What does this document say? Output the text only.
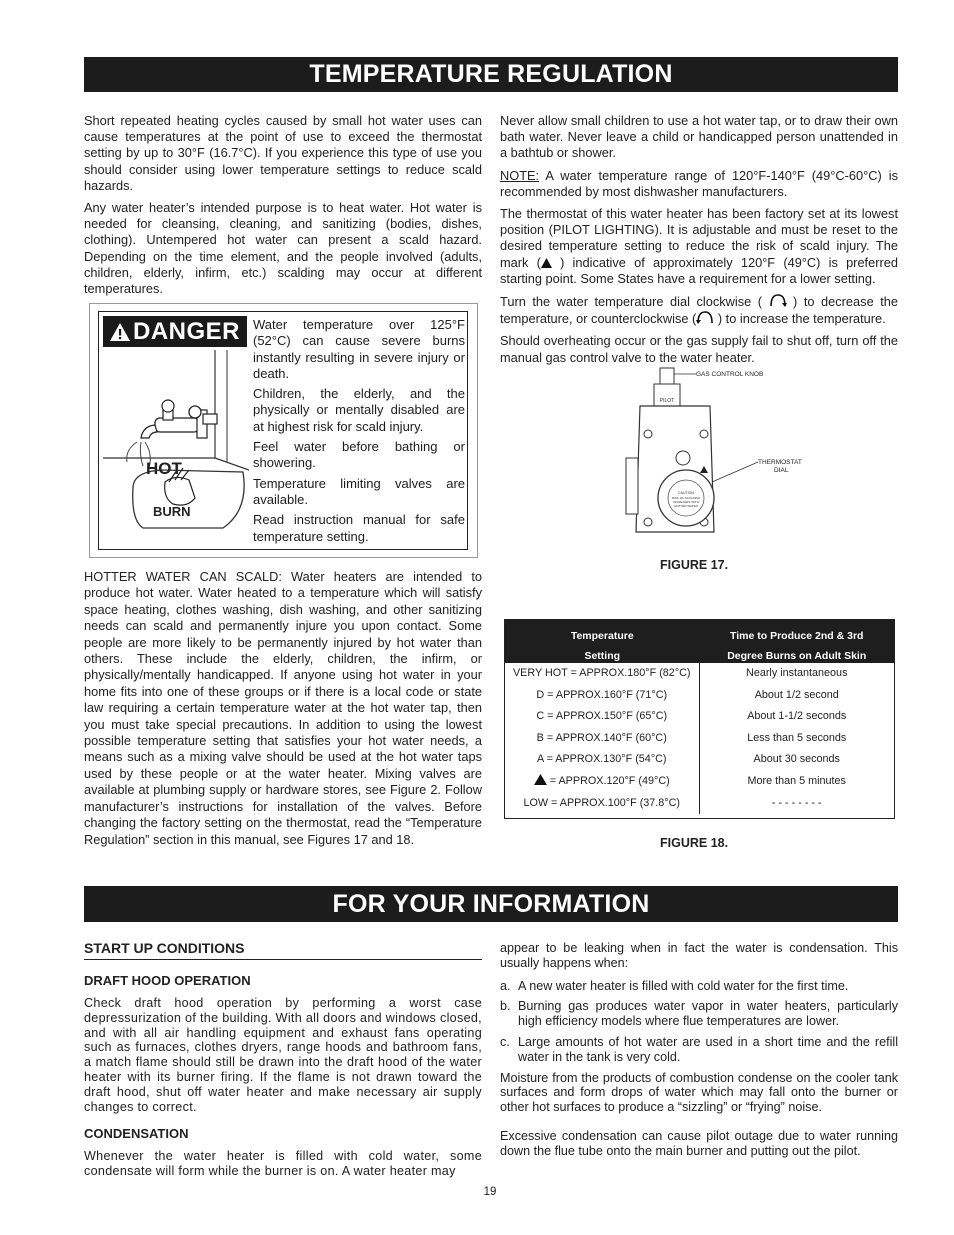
TEMPERATURE REGULATION
FOR YOUR INFORMATION

Short repeated heating cycles caused by small hot water uses can cause temperatures at the point of use to exceed the thermostat setting by up to 30°F (16.7°C). If you experience this type of use you should consider using lower temperature settings to reduce scald hazards.

Any water heater’s intended purpose is to heat water. Hot water is needed for cleansing, cleaning, and sanitizing (bodies, dishes, clothing). Untempered hot water can present a scald hazard. Depending on the time element, and the people involved (adults, children, elderly, infirm, etc.) scalding may occur at different temperatures.

DANGER
HOT
BURN
Water temperature over 125°F (52°C) can cause severe burns instantly resulting in severe injury or death.
Children, the elderly, and the physically or mentally disabled are at highest risk for scald injury.
Feel water before bathing or showering.
Temperature limiting valves are available.
Read instruction manual for safe temperature setting.

HOTTER WATER CAN SCALD: Water heaters are intended to produce hot water. Water heated to a temperature which will satisfy space heating, clothes washing, dish washing, and other sanitizing needs can scald and permanently injure you upon contact. Some people are more likely to be permanently injured by hot water than others. These include the elderly, children, the infirm, or physically/mentally handicapped. If anyone using hot water in your home fits into one of these groups or if there is a local code or state law requiring a certain temperature water at the hot water tap, then you must take special precautions. In addition to using the lowest possible temperature setting that satisfies your hot water needs, a means such as a mixing valve should be used at the hot water taps used by these people or at the water heater. Mixing valves are available at plumbing supply or hardware stores, see Figure 2. Follow manufacturer’s instructions for installation of the valves. Before changing the factory setting on the thermostat, read the “Temperature Regulation” section in this manual, see Figures 17 and 18.

Never allow small children to use a hot water tap, or to draw their own bath water. Never leave a child or handicapped person unattended in a bathtub or shower.

NOTE: A water temperature range of 120°F-140°F (49°C-60°C) is recommended by most dishwasher manufacturers.

The thermostat of this water heater has been factory set at its lowest position (PILOT LIGHTING). It is adjustable and must be reset to the desired temperature setting to reduce the risk of scald injury. The mark ( ) indicative of approximately 120°F (49°C) is preferred starting point. Some States have a requirement for a lower setting.

Turn the water temperature dial clockwise (  ) to decrease the temperature, or counterclockwise ( ) to increase the temperature.

Should overheating occur or the gas supply fail to shut off, turn off the manual gas control valve to the water heater.

PILOT
CAUTION
RISK OF SCALDING
INCREASES WITH
HOTTER WATER
GAS CONTROL KNOB
THERMOSTAT
DIAL
FIGURE 17.
Temperature
Setting
Time to Produce 2nd & 3rd
Degree Burns on Adult Skin
VERY HOT = APPROX.180°F (82°C)
D = APPROX.160°F (71°C)
C = APPROX.150°F (65°C)
B = APPROX.140°F (60°C)
A = APPROX.130°F (54°C)
= APPROX.120°F (49°C)
LOW = APPROX.100°F (37.8°C)
Nearly instantaneous
About 1/2 second
About 1-1/2 seconds
Less than 5 seconds
About 30 seconds
More than 5 minutes
- - - - - - - -
FIGURE 18.
START UP CONDITIONS
DRAFT HOOD OPERATION

Check draft hood operation by performing a worst case depressurization of the building. With all doors and windows closed, and with all air handling equipment and exhaust fans operating such as furnaces, clothes dryers, range hoods and bathroom fans, a match flame should still be drawn into the draft hood of the water heater with its burner firing. If the flame is not drawn toward the draft hood, shut off water heater and make necessary air supply changes to correct.

CONDENSATION

Whenever the water heater is filled with cold water, some condensate will form while the burner is on. A water heater may

appear to be leaking when in fact the water is condensation. This usually happens when:

a. A new water heater is filled with cold water for the first time.
b. Burning gas produces water vapor in water heaters, particularly high efficiency models where flue temperatures are lower.
c. Large amounts of hot water are used in a short time and the refill water in the tank is very cold.

Moisture from the products of combustion condense on the cooler tank surfaces and form drops of water which may fall onto the burner or other hot surfaces to produce a “sizzling” or “frying” noise.

Excessive condensation can cause pilot outage due to water running down the flue tube onto the main burner and putting out the pilot.

19
